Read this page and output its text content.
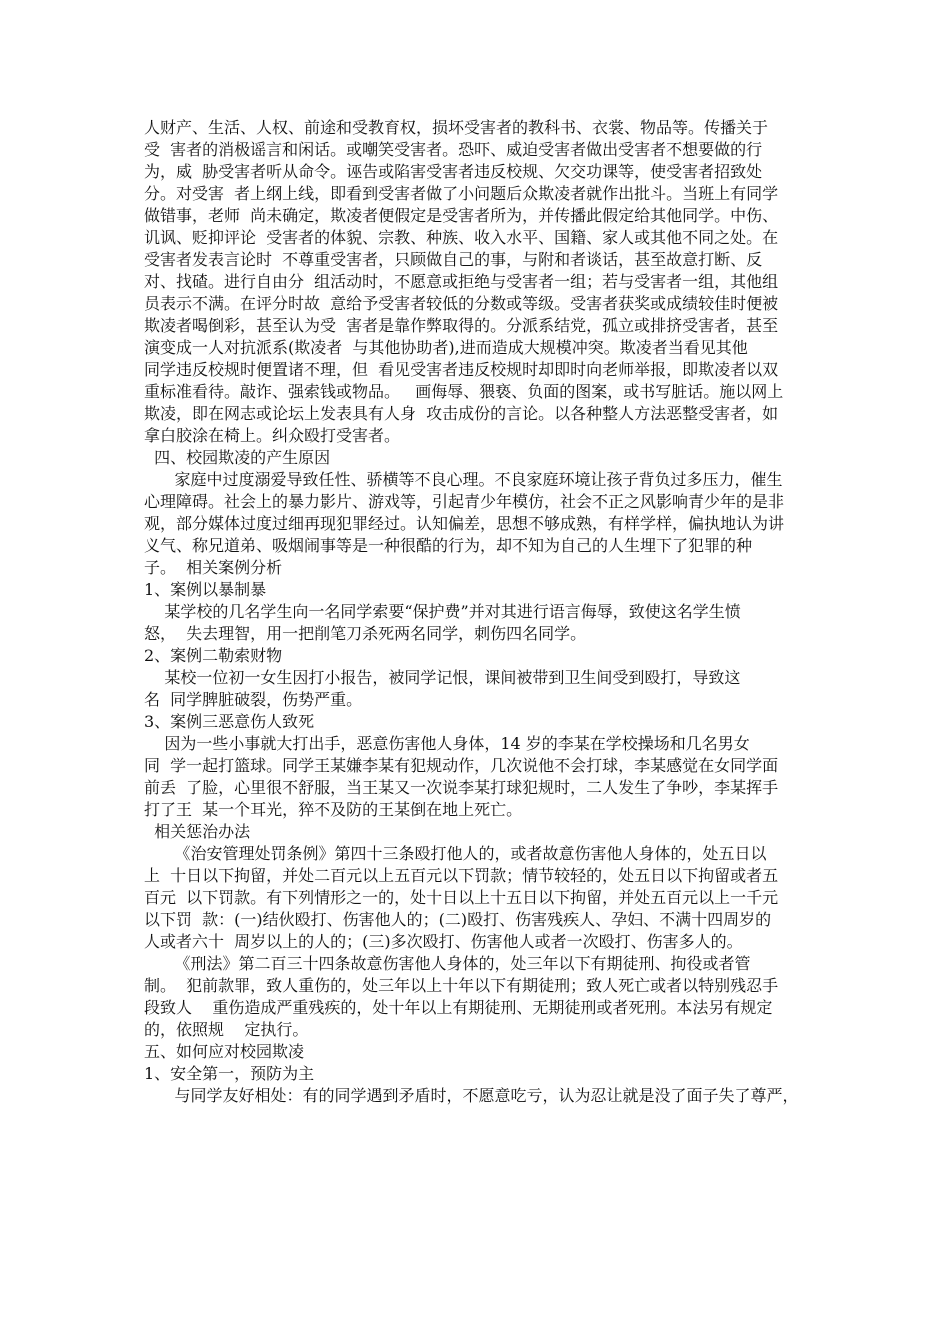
人财产、生活、人权、前途和受教育权，损坏受害者的教科书、衣裳、物品等。传播关于
受  害者的消极谣言和闲话。或嘲笑受害者。恐吓、威迫受害者做出受害者不想要做的行
为，威  胁受害者听从命令。诬告或陷害受害者违反校规、欠交功课等，使受害者招致处
分。对受害  者上纲上线，即看到受害者做了小问题后众欺凌者就作出批斗。当班上有同学
做错事，老师  尚未确定，欺凌者便假定是受害者所为，并传播此假定给其他同学。中伤、
讥讽、贬抑评论  受害者的体貌、宗教、种族、收入水平、国籍、家人或其他不同之处。在
受害者发表言论时  不尊重受害者，只顾做自己的事，与附和者谈话，甚至故意打断、反
对、找碴。进行自由分  组活动时，不愿意或拒绝与受害者一组；若与受害者一组，其他组
员表示不满。在评分时故  意给予受害者较低的分数或等级。受害者获奖或成绩较佳时便被
欺凌者喝倒彩，甚至认为受  害者是靠作弊取得的。分派系结党，孤立或排挤受害者，甚至
演变成一人对抗派系(欺凌者  与其他协助者),进而造成大规模冲突。欺凌者当看见其他
同学违反校规时便置诸不理，但  看见受害者违反校规时却即时向老师举报，即欺凌者以双
重标准看待。敲诈、强索钱或物品。   画侮辱、猥亵、负面的图案，或书写脏话。施以网上
欺凌，即在网志或论坛上发表具有人身  攻击成份的言论。以各种整人方法恶整受害者，如
拿白胶涂在椅上。纠众殴打受害者。
四、校园欺凌的产生原因
家庭中过度溺爱导致任性、骄横等不良心理。不良家庭环境让孩子背负过多压力，催生
心理障碍。社会上的暴力影片、游戏等，引起青少年模仿，社会不正之风影响青少年的是非
观，部分媒体过度过细再现犯罪经过。认知偏差，思想不够成熟，有样学样，偏执地认为讲
义气、称兄道弟、吸烟闹事等是一种很酷的行为，却不知为自己的人生埋下了犯罪的种
子。  相关案例分析
1、案例以暴制暴
某学校的几名学生向一名同学索要“保护费”并对其进行语言侮辱，致使这名学生愤
怒，  失去理智，用一把削笔刀杀死两名同学，刺伤四名同学。
2、案例二勒索财物
某校一位初一女生因打小报告，被同学记恨，课间被带到卫生间受到殴打，导致这
名  同学脾脏破裂，伤势严重。
3、案例三恶意伤人致死
因为一些小事就大打出手，恶意伤害他人身体，14 岁的李某在学校操场和几名男女
同  学一起打篮球。同学王某嫌李某有犯规动作，几次说他不会打球，李某感觉在女同学面
前丢  了脸，心里很不舒服，当王某又一次说李某打球犯规时，二人发生了争吵，李某挥手
打了王  某一个耳光，猝不及防的王某倒在地上死亡。
相关惩治办法
《治安管理处罚条例》第四十三条殴打他人的，或者故意伤害他人身体的，处五日以
上  十日以下拘留，并处二百元以上五百元以下罚款；情节较轻的，处五日以下拘留或者五
百元  以下罚款。有下列情形之一的，处十日以上十五日以下拘留，并处五百元以上一千元
以下罚  款：(一)结伙殴打、伤害他人的；(二)殴打、伤害残疾人、孕妇、不满十四周岁的
人或者六十  周岁以上的人的；(三)多次殴打、伤害他人或者一次殴打、伤害多人的。
《刑法》第二百三十四条故意伤害他人身体的，处三年以下有期徒刑、拘役或者管
制。  犯前款罪，致人重伤的，处三年以上十年以下有期徒刑；致人死亡或者以特别残忍手
段致人    重伤造成严重残疾的，处十年以上有期徒刑、无期徒刑或者死刑。本法另有规定
的，依照规    定执行。
五、如何应对校园欺凌
1、安全第一，预防为主
与同学友好相处：有的同学遇到矛盾时，不愿意吃亏，认为忍让就是没了面子失了尊严，
